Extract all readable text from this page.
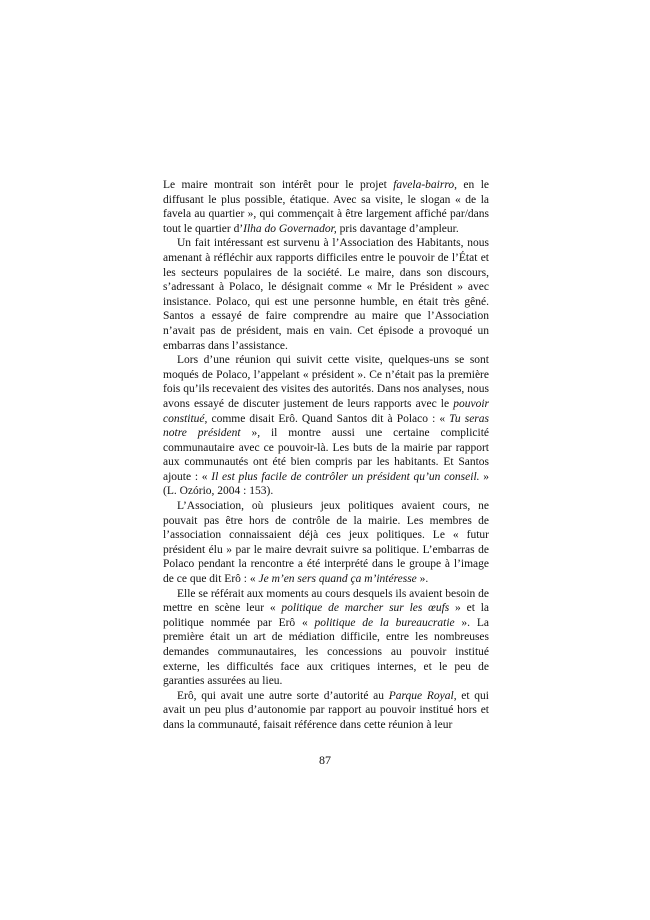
Le maire montrait son intérêt pour le projet favela-bairro, en le diffusant le plus possible, étatique. Avec sa visite, le slogan « de la favela au quartier », qui commençait à être largement affiché par/dans tout le quartier d’Ilha do Governador, pris davantage d’ampleur.

Un fait intéressant est survenu à l’Association des Habitants, nous amenant à réfléchir aux rapports difficiles entre le pouvoir de l’État et les secteurs populaires de la société. Le maire, dans son discours, s’adressant à Polaco, le désignait comme « Mr le Président » avec insistance. Polaco, qui est une personne humble, en était très gêné. Santos a essayé de faire comprendre au maire que l’Association n’avait pas de président, mais en vain. Cet épisode a provoqué un embarras dans l’assistance.

Lors d’une réunion qui suivit cette visite, quelques-uns se sont moqués de Polaco, l’appelant « président ». Ce n’était pas la première fois qu’ils recevaient des visites des autorités. Dans nos analyses, nous avons essayé de discuter justement de leurs rapports avec le pouvoir constitué, comme disait Erô. Quand Santos dit à Polaco : « Tu seras notre président », il montre aussi une certaine complicité communautaire avec ce pouvoir-là. Les buts de la mairie par rapport aux communautés ont été bien compris par les habitants. Et Santos ajoute : « Il est plus facile de contrôler un président qu’un conseil. » (L. Ozório, 2004 : 153).

L’Association, où plusieurs jeux politiques avaient cours, ne pouvait pas être hors de contrôle de la mairie. Les membres de l’association connaissaient déjà ces jeux politiques. Le « futur président élu » par le maire devrait suivre sa politique. L’embarras de Polaco pendant la rencontre a été interprété dans le groupe à l’image de ce que dit Erô : « Je m’en sers quand ça m’intéresse ».

Elle se référait aux moments au cours desquels ils avaient besoin de mettre en scène leur « politique de marcher sur les œufs » et la politique nommée par Erô « politique de la bureaucratie ». La première était un art de médiation difficile, entre les nombreuses demandes communautaires, les concessions au pouvoir institué externe, les difficultés face aux critiques internes, et le peu de garanties assurées au lieu.

Erô, qui avait une autre sorte d’autorité au Parque Royal, et qui avait un peu plus d’autonomie par rapport au pouvoir institué hors et dans la communauté, faisait référence dans cette réunion à leur

87
